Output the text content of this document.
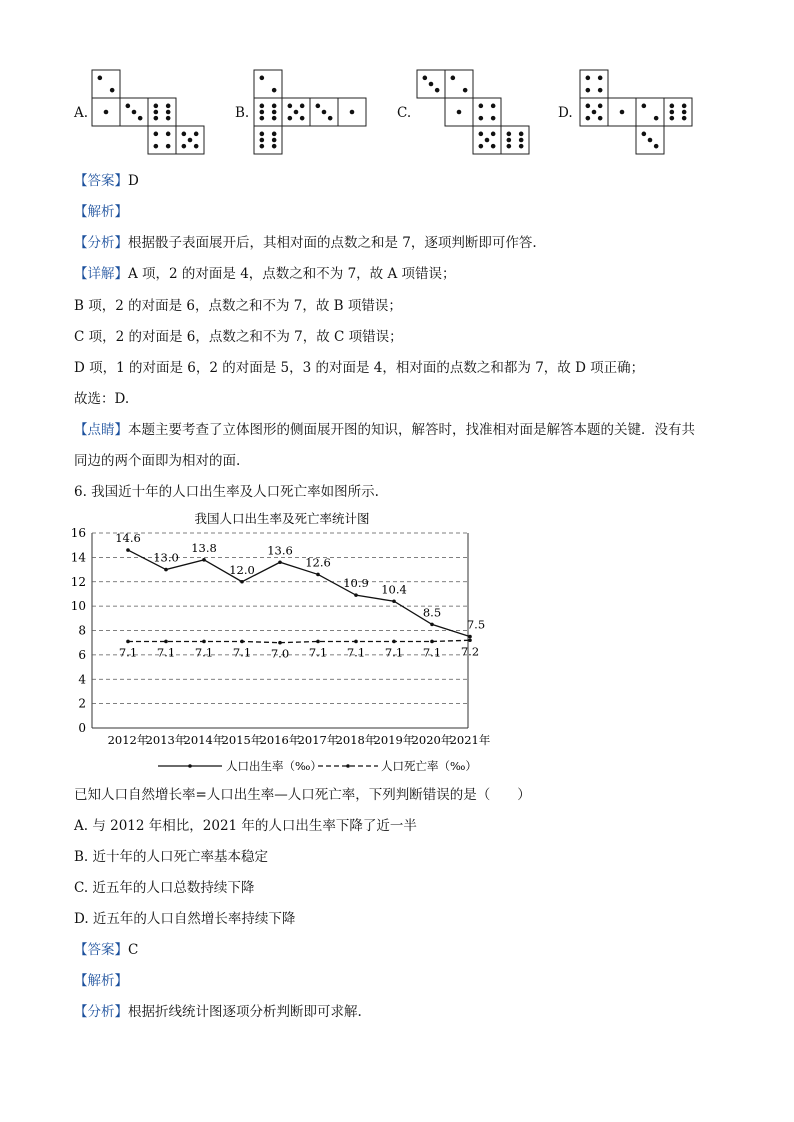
A.	B.	C.	D.
【答案】D
【解析】
【分析】根据骰子表面展开后，其相对面的点数之和是 7，逐项判断即可作答.
【详解】A 项，2 的对面是 4，点数之和不为 7，故 A 项错误；
B 项，2 的对面是 6，点数之和不为 7，故 B 项错误；
C 项，2 的对面是 6，点数之和不为 7，故 C 项错误；
D 项，1 的对面是 6，2 的对面是 5，3 的对面是 4，相对面的点数之和都为 7，故 D 项正确；
故选：D.
【点睛】本题主要考查了立体图形的侧面展开图的知识，解答时，找准相对面是解答本题的关键．没有共
同边的两个面即为相对的面.
6. 我国近十年的人口出生率及人口死亡率如图所示.
我国人口出生率及死亡率统计图
0
2
4
6
8
10
12
14
16
2012年
2013年
2014年
2015年
2016年
2017年
2018年
2019年
2020年
2021年
14.6
13.0
13.8
12.0
13.6
12.6
10.9 10.4
8.5
7.5
7.1 7.1 7.1 7.1 7.0 7.1 7.1 7.1 7.1 7.2
人口出生率（‰）	人口死亡率（‰）
已知人口自然增长率=人口出生率—人口死亡率，下列判断错误的是（　　）
A. 与 2012 年相比，2021 年的人口出生率下降了近一半
B. 近十年的人口死亡率基本稳定
C. 近五年的人口总数持续下降
D. 近五年的人口自然增长率持续下降
【答案】C
【解析】
【分析】根据折线统计图逐项分析判断即可求解.
